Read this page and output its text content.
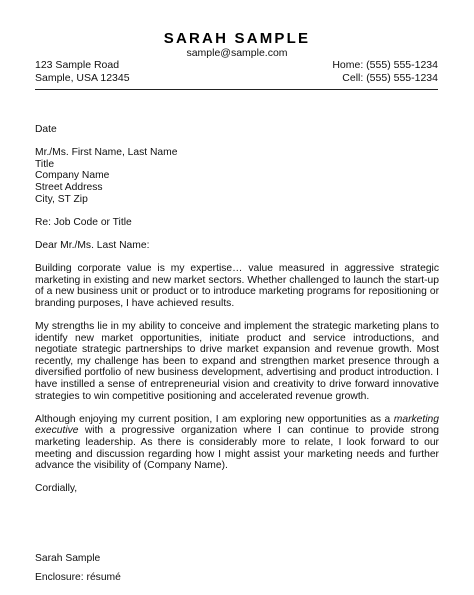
SARAH SAMPLE
sample@sample.com
123 Sample Road
Sample, USA 12345
Home: (555) 555-1234
Cell: (555) 555-1234

Date

Mr./Ms. First Name, Last Name
Title
Company Name
Street Address
City, ST Zip

Re: Job Code or Title

Dear Mr./Ms. Last Name:

Building corporate value is my expertise… value measured in aggressive strategic marketing in existing and new market sectors. Whether challenged to launch the start-up of a new business unit or product or to introduce marketing programs for repositioning or branding purposes, I have achieved results.

My strengths lie in my ability to conceive and implement the strategic marketing plans to identify new market opportunities, initiate product and service introductions, and negotiate strategic partnerships to drive market expansion and revenue growth. Most recently, my challenge has been to expand and strengthen market presence through a diversified portfolio of new business development, advertising and product introduction. I have instilled a sense of entrepreneurial vision and creativity to drive forward innovative strategies to win competitive positioning and accelerated revenue growth.

Although enjoying my current position, I am exploring new opportunities as a marketing executive with a progressive organization where I can continue to provide strong marketing leadership. As there is considerably more to relate, I look forward to our meeting and discussion regarding how I might assist your marketing needs and further advance the visibility of (Company Name).

Cordially,

Sarah Sample
Enclosure: résumé
